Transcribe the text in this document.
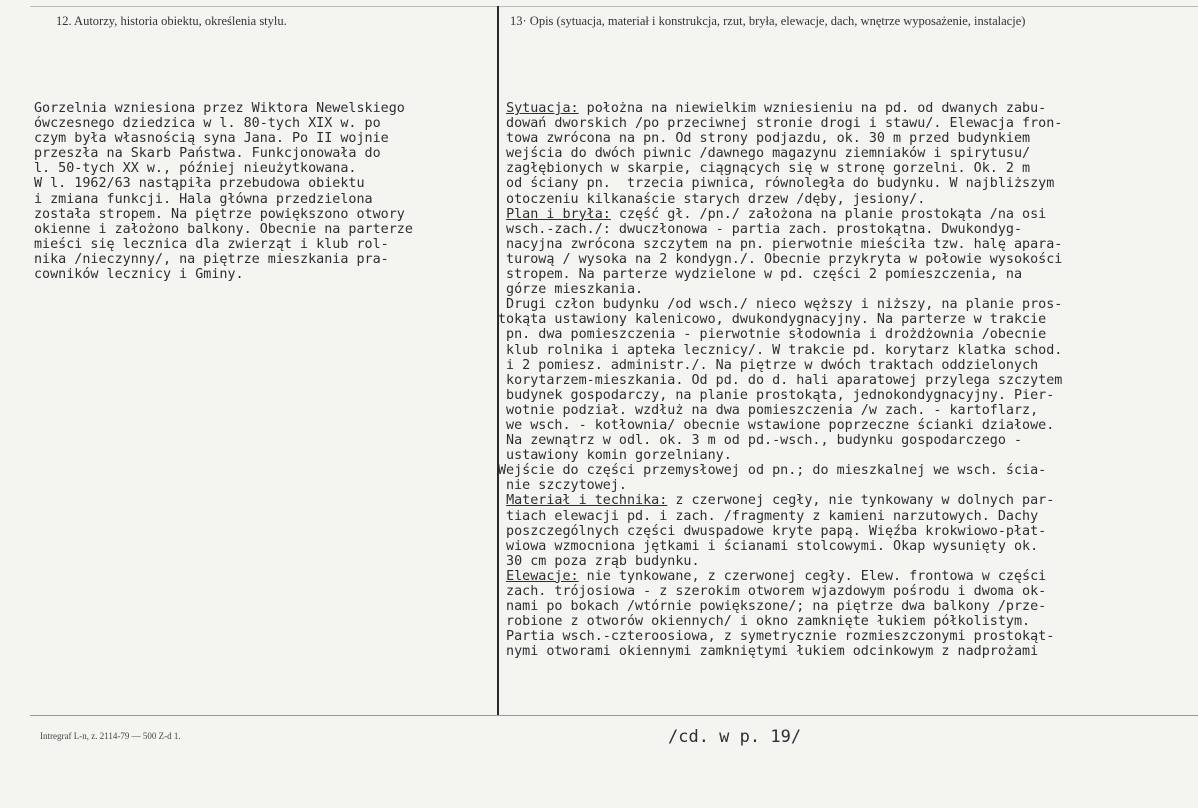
12. Autorzy, historia obiektu, określenia stylu.	13· Opis (sytuacja, materiał i konstrukcja, rzut, bryła, elewacje, dach, wnętrze wyposażenie, instalacje)
Gorzelnia wzniesiona przez Wiktora Newelskiego
ówczesnego dziedzica w l. 80-tych XIX w. po
czym była własnością syna Jana. Po II wojnie
przeszła na Skarb Państwa. Funkcjonowała do
l. 50-tych XX w., później nieużytkowana.
W l. 1962/63 nastąpiła przebudowa obiektu
i zmiana funkcji. Hala główna przedzielona
została stropem. Na piętrze powiększono otwory
okienne i założono balkony. Obecnie na parterze
mieści się lecznica dla zwierząt i klub rol-
nika /nieczynny/, na piętrze mieszkania pra-
cowników lecznicy i Gminy.
Sytuacja: położna na niewielkim wzniesieniu na pd. od dwanych zabu-
dowań dworskich /po przeciwnej stronie drogi i stawu/. Elewacja fron-
towa zwrócona na pn. Od strony podjazdu, ok. 30 m przed budynkiem
wejścia do dwóch piwnic /dawnego magazynu ziemniaków i spirytusu/
zagłębionych w skarpie, ciągnących się w stronę gorzelni. Ok. 2 m
od ściany pn.  trzecia piwnica, równoległa do budynku. W najbliższym
otoczeniu kilkanaście starych drzew /dęby, jesiony/.
Plan i bryła: część gł. /pn./ założona na planie prostokąta /na osi
wsch.-zach./: dwuczłonowa - partia zach. prostokątna. Dwukondyg-
nacyjna zwrócona szczytem na pn. pierwotnie mieściła tzw. halę apara-
turową / wysoka na 2 kondygn./. Obecnie przykryta w połowie wysokości
stropem. Na parterze wydzielone w pd. części 2 pomieszczenia, na
górze mieszkania.
Drugi człon budynku /od wsch./ nieco węższy i niższy, na planie pros-
tokąta ustawiony kalenicowo, dwukondygnacyjny. Na parterze w trakcie
pn. dwa pomieszczenia - pierwotnie słodownia i drożdżownia /obecnie
klub rolnika i apteka lecznicy/. W trakcie pd. korytarz klatka schod.
i 2 pomiesz. administr./. Na piętrze w dwóch traktach oddzielonych
korytarzem-mieszkania. Od pd. do d. hali aparatowej przylega szczytem
budynek gospodarczy, na planie prostokąta, jednokondygnacyjny. Pier-
wotnie podział. wzdłuż na dwa pomieszczenia /w zach. - kartoflarz,
we wsch. - kotłownia/ obecnie wstawione poprzeczne ścianki działowe.
Na zewnątrz w odl. ok. 3 m od pd.-wsch., budynku gospodarczego -
ustawiony komin gorzelniany.
Wejście do części przemysłowej od pn.; do mieszkalnej we wsch. ścia-
nie szczytowej.
Materiał i technika: z czerwonej cegły, nie tynkowany w dolnych par-
tiach elewacji pd. i zach. /fragmenty z kamieni narzutowych. Dachy
poszczególnych części dwuspadowe kryte papą. Więźba krokwiowo-płat-
wiowa wzmocniona jętkami i ścianami stolcowymi. Okap wysunięty ok.
30 cm poza zrąb budynku.
Elewacje: nie tynkowane, z czerwonej cegły. Elew. frontowa w części
zach. trójosiowa - z szerokim otworem wjazdowym pośrodu i dwoma ok-
nami po bokach /wtórnie powiększone/; na piętrze dwa balkony /prze-
robione z otworów okiennych/ i okno zamknięte łukiem półkolistym.
Partia wsch.-czteroosiowa, z symetrycznie rozmieszczonymi prostokąt-
nymi otworami okiennymi zamkniętymi łukiem odcinkowym z nadprożami
Intregraf L-n, z. 2114-79 — 500 Z-d 1.	/cd. w p. 19/
